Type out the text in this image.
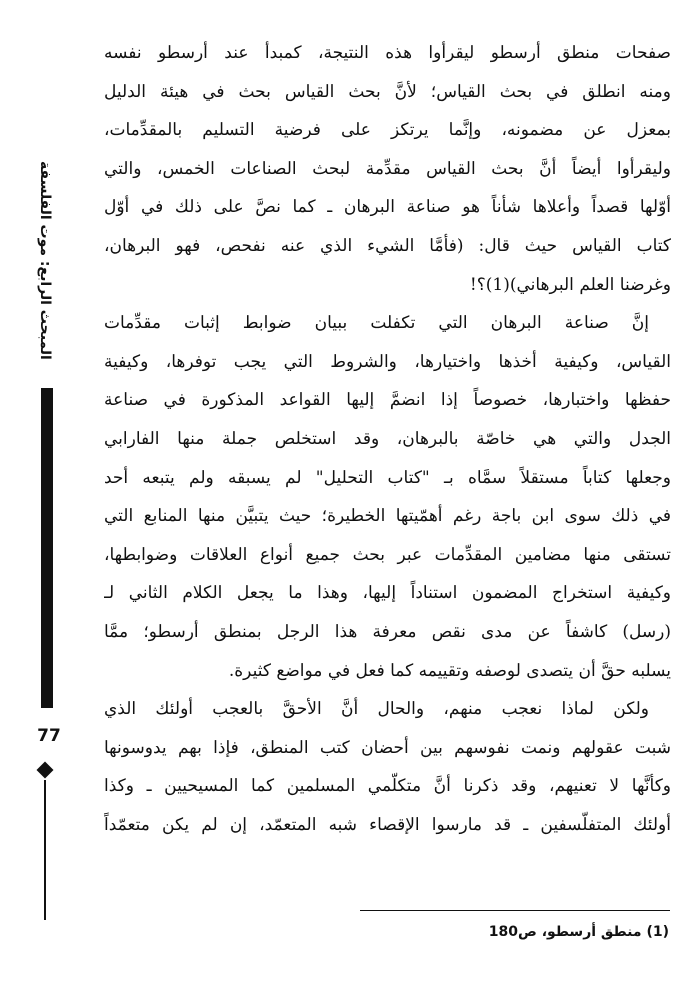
صفحات منطق أرسطو ليقرأوا هذه النتيجة، كمبدأ عند أرسطو نفسه
ومنه انطلق في بحث القياس؛ لأنَّ بحث القياس بحث في هيئة الدليل
بمعزل عن مضمونه، وإنَّما يرتكز على فرضية التسليم بالمقدِّمات،
وليقرأوا أيضاً أنَّ بحث القياس مقدِّمة لبحث الصناعات الخمس، والتي
أوّلها قصداً وأعلاها شأناً هو صناعة البرهان ـ كما نصَّ على ذلك في أوّل
كتاب القياس حيث قال: (فأمَّا الشيء الذي عنه نفحص، فهو البرهان،
وغرضنا العلم البرهاني)(1)؟!
إنَّ صناعة البرهان التي تكفلت ببيان ضوابط إثبات مقدِّمات
القياس، وكيفية أخذها واختيارها، والشروط التي يجب توفرها، وكيفية
حفظها واختبارها، خصوصاً إذا انضمَّ إليها القواعد المذكورة في صناعة
الجدل والتي هي خاصّة بالبرهان، وقد استخلص جملة منها الفارابي
وجعلها كتاباً مستقلاً سمَّاه بـ "كتاب التحليل" لم يسبقه ولم يتبعه أحد
في ذلك سوى ابن باجة رغم أهمّيتها الخطيرة؛ حيث يتبيَّن منها المنابع التي
تستقى منها مضامين المقدِّمات عبر بحث جميع أنواع العلاقات وضوابطها،
وكيفية استخراج المضمون استناداً إليها، وهذا ما يجعل الكلام الثاني لـ
(رسل) كاشفاً عن مدى نقص معرفة هذا الرجل بمنطق أرسطو؛ ممَّا
يسلبه حقَّ أن يتصدى لوصفه وتقييمه كما فعل في مواضع كثيرة.
ولكن لماذا نعجب منهم، والحال أنَّ الأحقَّ بالعجب أولئك الذي
شبت عقولهم ونمت نفوسهم بين أحضان كتب المنطق، فإذا بهم يدوسونها
وكأنَّها لا تعنيهم، وقد ذكرنا أنَّ متكلّمي المسلمين كما المسيحيين ـ وكذا
أولئك المتفلّسفين ـ قد مارسوا الإقصاء شبه المتعمّد، إن لم يكن متعمّداً
المبحث الرابع: موت الفلسفة
77
(1) منطق أرسطو، ص180
